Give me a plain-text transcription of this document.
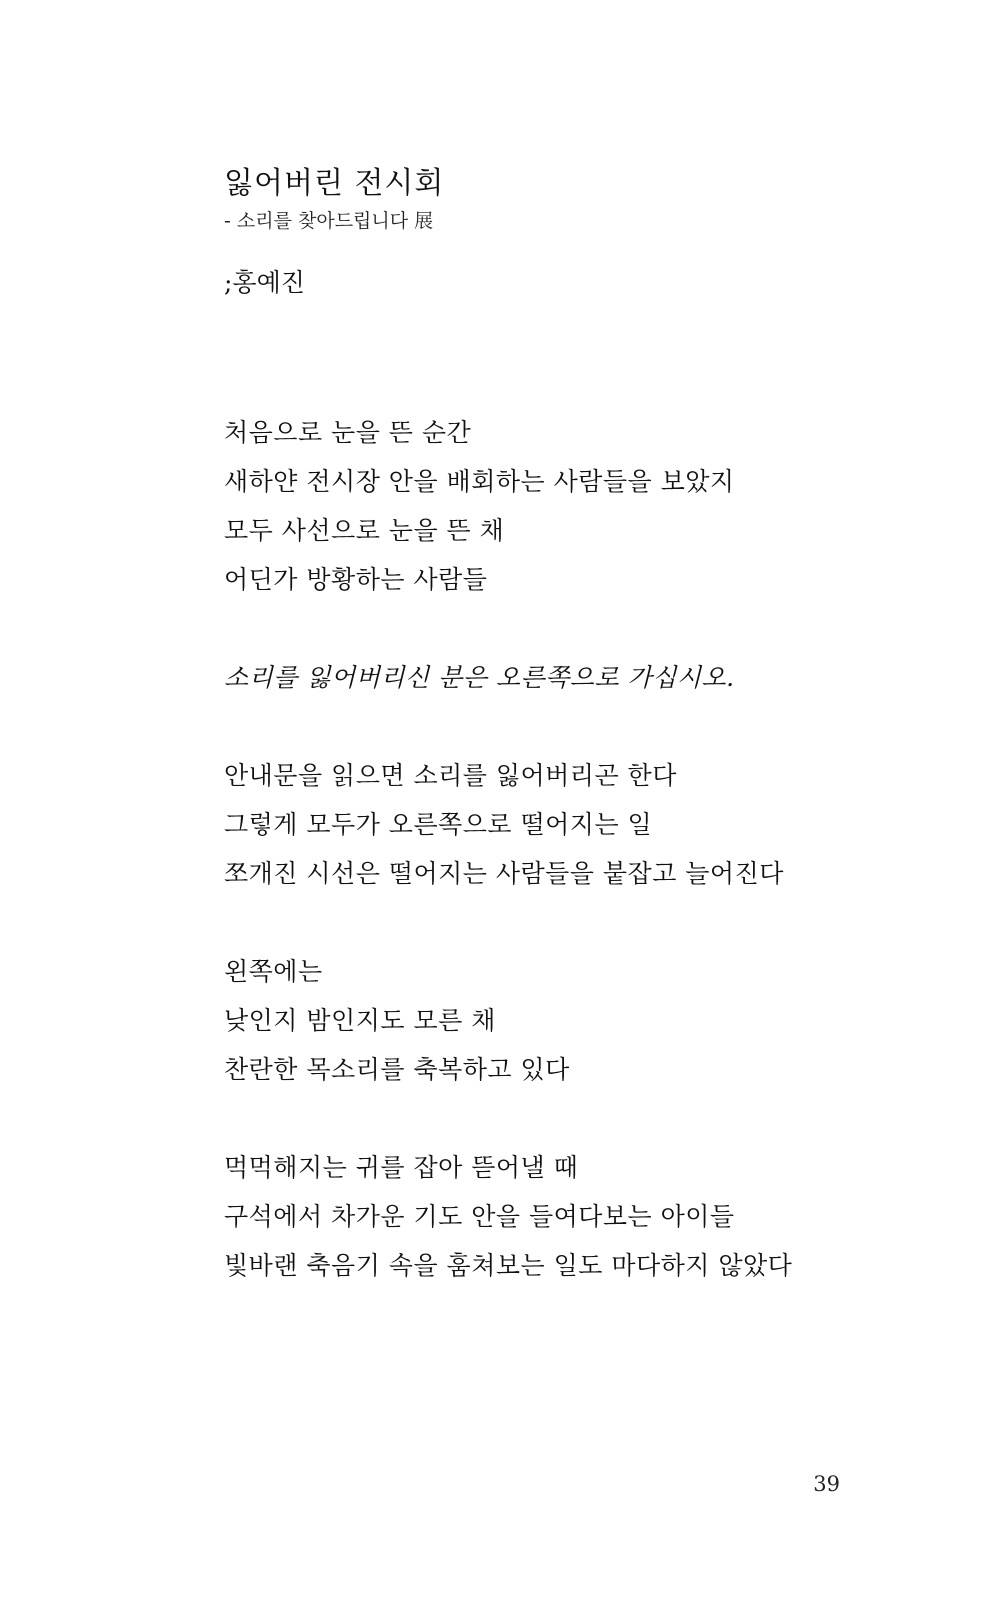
잃어버린 전시회
- 소리를 찾아드립니다 展
;홍예진
처음으로 눈을 뜬 순간
새하얀 전시장 안을 배회하는 사람들을 보았지
모두 사선으로 눈을 뜬 채
어딘가 방황하는 사람들
소리를 잃어버리신 분은 오른쪽으로 가십시오.
안내문을 읽으면 소리를 잃어버리곤 한다
그렇게 모두가 오른쪽으로 떨어지는 일
쪼개진 시선은 떨어지는 사람들을 붙잡고 늘어진다
왼쪽에는
낮인지 밤인지도 모른 채
찬란한 목소리를 축복하고 있다
먹먹해지는 귀를 잡아 뜯어낼 때
구석에서 차가운 기도 안을 들여다보는 아이들
빛바랜 축음기 속을 훔쳐보는 일도 마다하지 않았다
39
